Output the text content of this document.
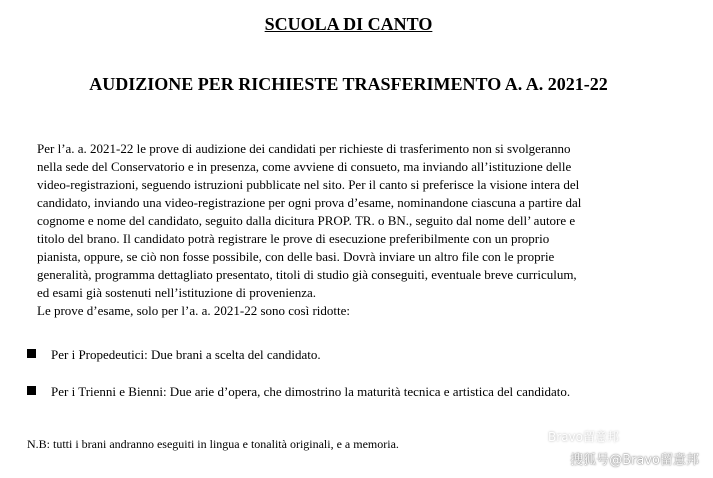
SCUOLA DI CANTO
AUDIZIONE PER RICHIESTE TRASFERIMENTO A. A. 2021-22
Per l’a. a. 2021-22 le prove di audizione dei candidati per richieste di trasferimento non si svolgeranno
nella sede del Conservatorio e in presenza, come avviene di consueto, ma inviando all’istituzione delle
video-registrazioni, seguendo istruzioni pubblicate nel sito. Per il canto si preferisce la visione intera del
candidato, inviando una video-registrazione per ogni prova d’esame, nominandone ciascuna a partire dal
cognome e nome del candidato, seguito dalla dicitura PROP. TR. o BN., seguito dal nome dell’ autore e
titolo del brano. Il candidato potrà registrare le prove di esecuzione preferibilmente con un proprio
pianista, oppure, se ciò non fosse possibile, con delle basi. Dovrà inviare un altro file con le proprie
generalità, programma dettagliato presentato, titoli di studio già conseguiti, eventuale breve curriculum,
ed esami già sostenuti nell’istituzione di provenienza.
Le prove d’esame, solo per l’a. a. 2021-22 sono così ridotte:
Per i Propedeutici: Due brani a scelta del candidato.
Per i Trienni e Bienni: Due arie d’opera, che dimostrino la maturità tecnica e artistica del candidato.

N.B: tutti i brani andranno eseguiti in lingua e tonalità originali, e a memoria.	Bravo留意邦
搜狐号@Bravo留意邦
